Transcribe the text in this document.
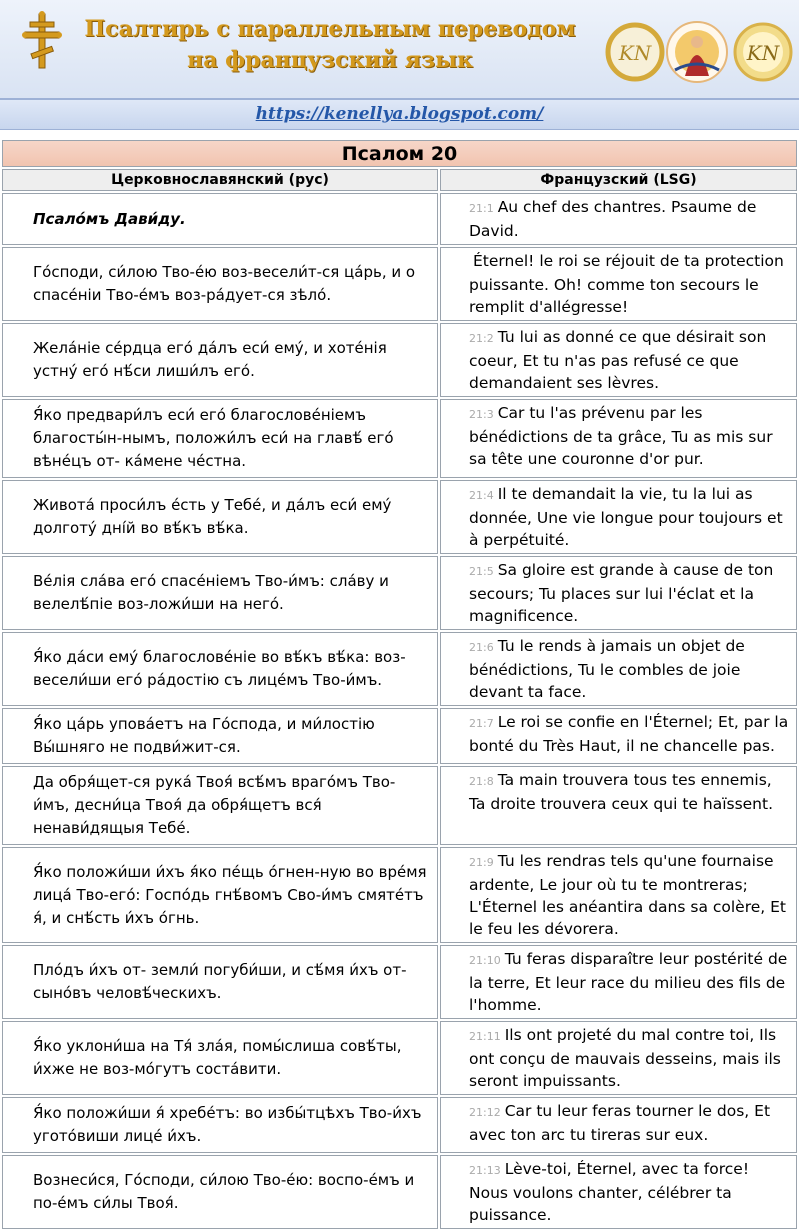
Псалтирь с параллельным переводом
на французский язык	KN	KN
https://kenellya.blogspot.com/
Псалом 20	
Церковнославянский (рус)	Французский (LSG)
Псало́мъ Дави́ду.	21:1 Au chef des chantres. Psaume de David.
Го́споди, си́лою Тво-е́ю воз-весели́т-ся ца́рь, и о спасе́нiи Тво-е́мъ воз-ра́дует-ся зѣло́.	Éternel! le roi se réjouit de ta protection puissante. Oh! comme ton secours le remplit d'allégresse!
Жела́нiе се́рдца его́ да́лъ еси́ ему́, и хоте́нiя устну́ его́ нѣ́си лиши́лъ его́.	21:2 Tu lui as donné ce que désirait son coeur, Et tu n'as pas refusé ce que demandaient ses lèvres.
Я́ко предвари́лъ еси́ его́ благослове́нiемъ благосты́н-нымъ, положи́лъ еси́ на главѣ́ его́ вѣне́цъ от- ка́мене че́стна.	21:3 Car tu l'as prévenu par les bénédictions de ta grâce, Tu as mis sur sa tête une couronne d'or pur.
Живота́ проси́лъ е́сть у Тебе́, и да́лъ еси́ ему́ долготу́ дні́й во вѣ́къ вѣ́ка.	21:4 Il te demandait la vie, tu la lui as donnée, Une vie longue pour toujours et à perpétuité.
Ве́лiя сла́ва его́ спасе́нiемъ Тво-и́мъ: сла́ву и велелѣ́пiе воз-ложи́ши на него́.	21:5 Sa gloire est grande à cause de ton secours; Tu places sur lui l'éclat et la magnificence.
Я́ко да́си ему́ благослове́нiе во вѣ́къ вѣ́ка: воз-весели́ши его́ ра́достiю съ лице́мъ Тво-и́мъ.	21:6 Tu le rends à jamais un objet de bénédictions, Tu le combles de joie devant ta face.
Я́ко ца́рь упова́етъ на Го́спода, и ми́лостiю Вы́шняго не подви́жит-ся.	21:7 Le roi se confie en l'Éternel; Et, par la bonté du Très Haut, il ne chancelle pas.
Да обря́щет-ся рука́ Твоя́ всѣ́мъ врагóмъ Тво-и́мъ, десни́ца Твоя́ да обря́щетъ вся́ ненави́дящыя Тебе́.	21:8 Ta main trouvera tous tes ennemis, Ta droite trouvera ceux qui te haïssent.
Я́ко положи́ши и́хъ я́ко пе́щь о́гнен-ную во вре́мя лица́ Тво-его́: Госпо́дь гнѣ́вомъ Сво-и́мъ смяте́тъ я́, и снѣ́сть и́хъ о́гнь.	21:9 Tu les rendras tels qu'une fournaise ardente, Le jour où tu te montreras; L'Éternel les anéantira dans sa colère, Et le feu les dévorera.
Пло́дъ и́хъ от- земли́ погуби́ши, и сѣ́мя и́хъ от- сыно́въ человѣ́ческихъ.	21:10 Tu feras disparaître leur postérité de la terre, Et leur race du milieu des fils de l'homme.
Я́ко уклони́ша на Тя́ зла́я, помы́слиша совѣ́ты, и́хже не воз-мо́гутъ соста́вити.	21:11 Ils ont projeté du mal contre toi, Ils ont conçu de mauvais desseins, mais ils seront impuissants.
Я́ко положи́ши я́ хребе́тъ: во избы́тцѣхъ Тво-и́хъ уготóвиши лице́ и́хъ.	21:12 Car tu leur feras tourner le dos, Et avec ton arc tu tireras sur eux.
Вознеси́ся, Го́споди, си́лою Тво-е́ю: воспо-е́мъ и по-е́мъ си́лы Твоя́.	21:13 Lève-toi, Éternel, avec ta force! Nous voulons chanter, célébrer ta puissance.
